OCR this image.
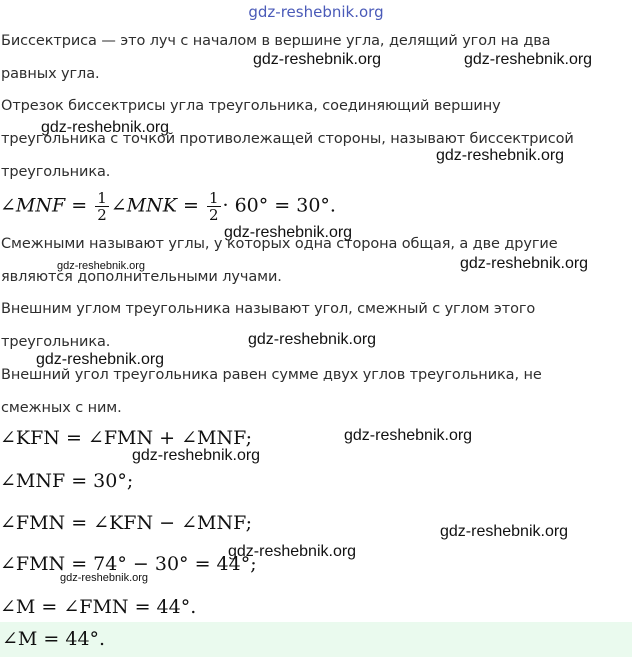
gdz-reshebnik.org
Биссектриса — это луч с началом в вершине угла, делящий угол на два
равных угла.
Отрезок биссектрисы угла треугольника, соединяющий вершину
треугольника с точкой противолежащей стороны, называют биссектрисой
треугольника.
∠MNF = $\frac{1}{2}$ ∠MNK = $\frac{1}{2} \cdot 60^\circ = 30^\circ$.
Смежными называют углы, у которых одна сторона общая, а две другие
являются дополнительными лучами.
Внешним углом треугольника называют угол, смежный с углом этого
треугольника.
Внешний угол треугольника равен сумме двух углов треугольника, не
смежных с ним.
∠KFN = ∠FMN + ∠MNF;
∠MNF = 30°;
∠FMN = ∠KFN − ∠MNF;
∠FMN = 74° − 30° = 44°;
∠M = ∠FMN = 44°.
∠M = 44°.
gdz-reshebnik.org	gdz-reshebnik.org
gdz-reshebnik.org
gdz-reshebnik.org
gdz-reshebnik.org
gdz-reshebnik.org	gdz-reshebnik.org
gdz-reshebnik.org
gdz-reshebnik.org
gdz-reshebnik.org
gdz-reshebnik.org
gdz-reshebnik.org
gdz-reshebnik.org
gdz-reshebnik.org
